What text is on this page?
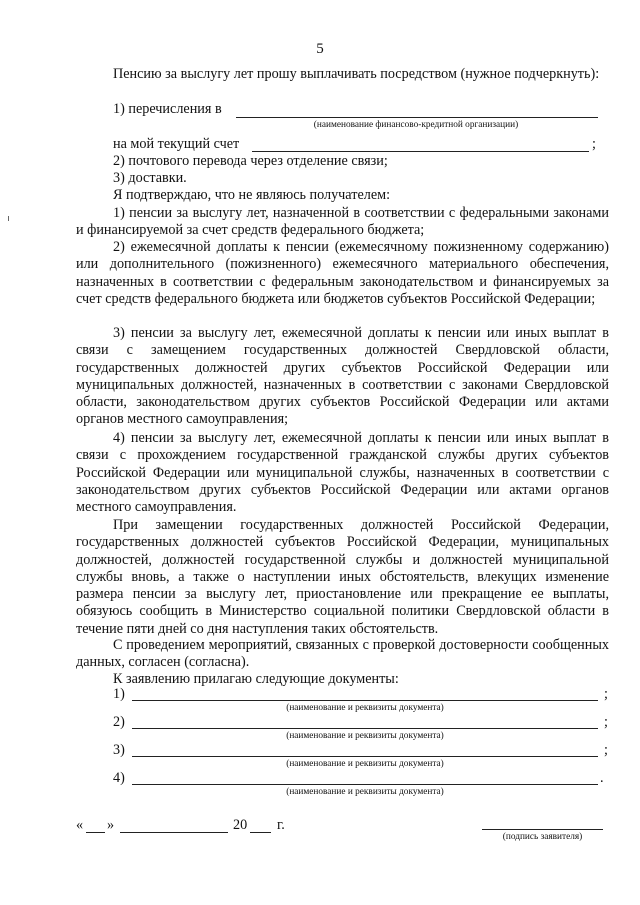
5
Пенсию за выслугу лет прошу выплачивать посредством (нужное подчеркнуть):
1) перечисления в
(наименование финансово-кредитной организации)
на мой текущий счет	;
2) почтового перевода через отделение связи;
3) доставки.
Я подтверждаю, что не являюсь получателем:
1) пенсии за выслугу лет, назначенной в соответствии с федеральными законами и финансируемой за счет средств федерального бюджета;
2) ежемесячной доплаты к пенсии (ежемесячному пожизненному содержанию) или дополнительного (пожизненного) ежемесячного материального обеспечения, назначенных в соответствии с федеральным законодательством и финансируемых за счет средств федерального бюджета или бюджетов субъектов Российской Федерации;
3) пенсии за выслугу лет, ежемесячной доплаты к пенсии или иных выплат в связи с замещением государственных должностей Свердловской области, государственных должностей других субъектов Российской Федерации или муниципальных должностей, назначенных в соответствии с законами Свердловской области, законодательством других субъектов Российской Федерации или актами органов местного самоуправления;
4) пенсии за выслугу лет, ежемесячной доплаты к пенсии или иных выплат в связи с прохождением государственной гражданской службы других субъектов Российской Федерации или муниципальной службы, назначенных в соответствии с законодательством других субъектов Российской Федерации или актами органов местного самоуправления.
При замещении государственных должностей Российской Федерации, государственных должностей субъектов Российской Федерации, муниципальных должностей, должностей государственной службы и должностей муниципальной службы вновь, а также о наступлении иных обстоятельств, влекущих изменение размера пенсии за выслугу лет, приостановление или прекращение ее выплаты, обязуюсь сообщить в Министерство социальной политики Свердловской области в течение пяти дней со дня наступления таких обстоятельств.
С проведением мероприятий, связанных с проверкой достоверности сообщенных данных, согласен (согласна).
К заявлению прилагаю следующие документы:
1)	;
(наименование и реквизиты документа)
2)	;
(наименование и реквизиты документа)
3)	;
(наименование и реквизиты документа)
4)	.
(наименование и реквизиты документа)
« »	20 г.
(подпись заявителя)
